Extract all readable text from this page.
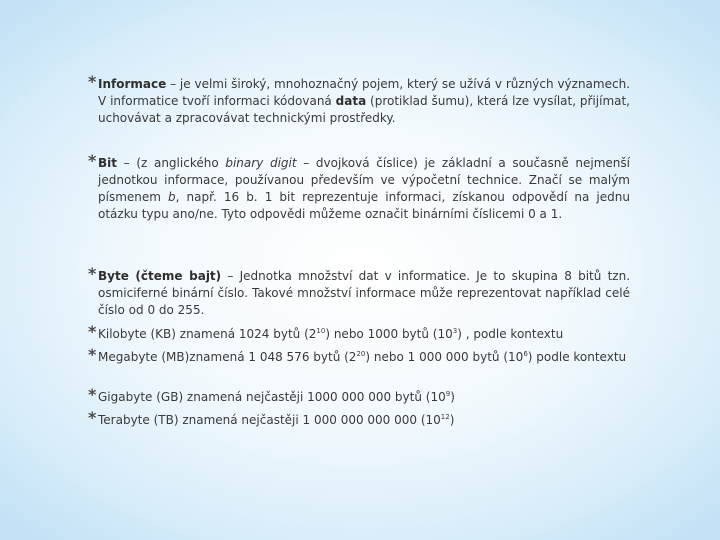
* Informace – je velmi široký, mnohoznačný pojem, který se užívá v různých významech. V informatice tvoří informaci kódovaná data (protiklad šumu), která lze vysílat, přijímat, uchovávat a zpracovávat technickými prostředky.
* Bit – (z anglického binary digit – dvojková číslice) je základní a současně nejmenší jednotkou informace, používanou především ve výpočetní technice. Značí se malým písmenem b, např. 16 b. 1 bit reprezentuje informaci, získanou odpovědí na jednu otázku typu ano/ne. Tyto odpovědi můžeme označit binárními číslicemi 0 a 1.
* Byte (čteme bajt) – Jednotka množství dat v informatice. Je to skupina 8 bitů tzn. osmiciferné binární číslo. Takové množství informace může reprezentovat například celé číslo od 0 do 255.
* Kilobyte (KB) znamená 1024 bytů $(2^{10})$ nebo 1000 bytů $(10^3)$ , podle kontextu
* Megabyte (MB)znamená 1 048 576 bytů $(2^{20})$ nebo 1 000 000 bytů $(10^6)$ podle kontextu
* Gigabyte (GB) znamená nejčastěji 1000 000 000 bytů $(10^9)$
* Terabyte (TB) znamená nejčastěji 1 000 000 000 000 $(10^{12})$
